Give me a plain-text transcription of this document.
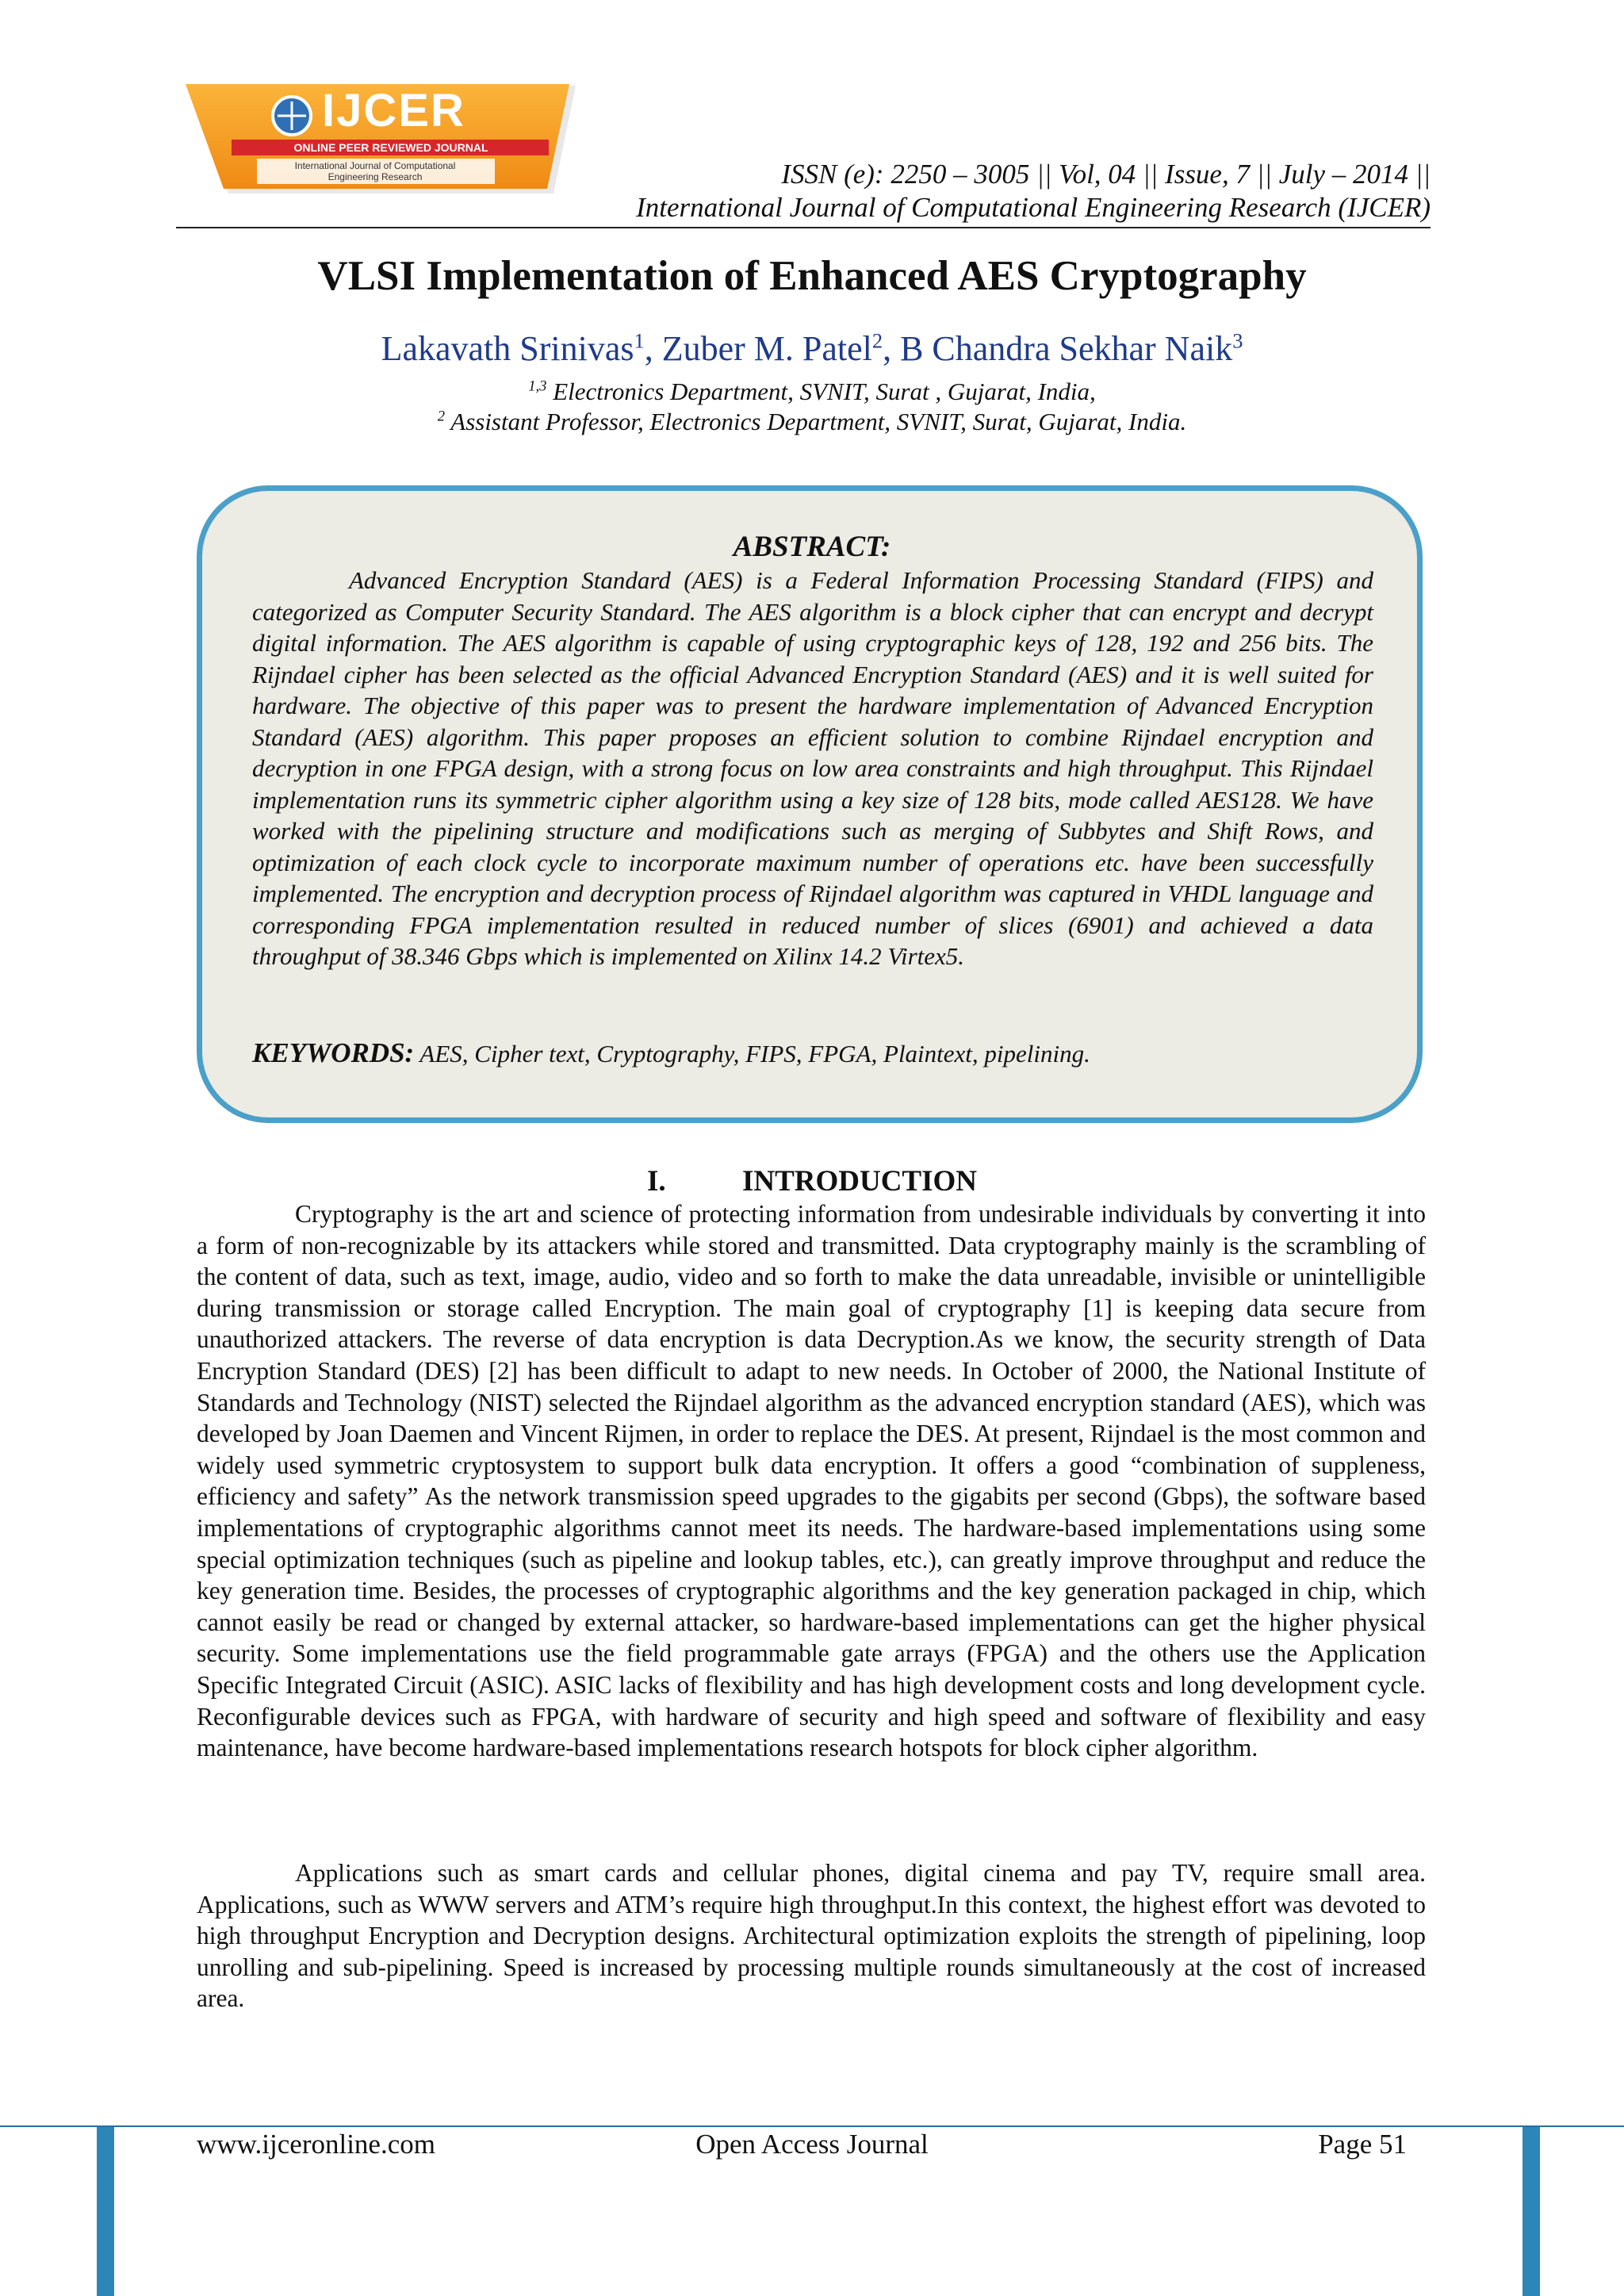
IJCER
ONLINE PEER REVIEWED JOURNAL
International Journal of Computational
Engineering Research	ISSN (e): 2250 – 3005 || Vol, 04 || Issue, 7 || July – 2014 ||
International Journal of Computational Engineering Research (IJCER)
VLSI Implementation of Enhanced AES Cryptography
Lakavath Srinivas$^1$, Zuber M. Patel$^2$, B Chandra Sekhar Naik$^3$
$^{1,3}$ Electronics Department, SVNIT, Surat , Gujarat, India,
$^2$ Assistant Professor, Electronics Department, SVNIT, Surat, Gujarat, India.
ABSTRACT:
Advanced Encryption Standard (AES) is a Federal Information Processing Standard (FIPS) and categorized as Computer Security Standard. The AES algorithm is a block cipher that can encrypt and decrypt digital information. The AES algorithm is capable of using cryptographic keys of 128, 192 and 256 bits. The Rijndael cipher has been selected as the official Advanced Encryption Standard (AES) and it is well suited for hardware. The objective of this paper was to present the hardware implementation of Advanced Encryption Standard (AES) algorithm. This paper proposes an efficient solution to combine Rijndael encryption and decryption in one FPGA design, with a strong focus on low area constraints and high throughput. This Rijndael implementation runs its symmetric cipher algorithm using a key size of 128 bits, mode called AES128. We have worked with the pipelining structure and modifications such as merging of Subbytes and Shift Rows, and optimization of each clock cycle to incorporate maximum number of operations etc. have been successfully implemented. The encryption and decryption process of Rijndael algorithm was captured in VHDL language and corresponding FPGA implementation resulted in reduced number of slices (6901) and achieved a data throughput of 38.346 Gbps which is implemented on Xilinx 14.2 Virtex5.
KEYWORDS: AES, Cipher text, Cryptography, FIPS, FPGA, Plaintext, pipelining.
I.	INTRODUCTION
Cryptography is the art and science of protecting information from undesirable individuals by converting it into a form of non-recognizable by its attackers while stored and transmitted. Data cryptography mainly is the scrambling of the content of data, such as text, image, audio, video and so forth to make the data unreadable, invisible or unintelligible during transmission or storage called Encryption. The main goal of cryptography [1] is keeping data secure from unauthorized attackers. The reverse of data encryption is data Decryption.As we know, the security strength of Data Encryption Standard (DES) [2] has been difficult to adapt to new needs. In October of 2000, the National Institute of Standards and Technology (NIST) selected the Rijndael algorithm as the advanced encryption standard (AES), which was developed by Joan Daemen and Vincent Rijmen, in order to replace the DES. At present, Rijndael is the most common and widely used symmetric cryptosystem to support bulk data encryption. It offers a good “combination of suppleness, efficiency and safety” As the network transmission speed upgrades to the gigabits per second (Gbps), the software based implementations of cryptographic algorithms cannot meet its needs. The hardware-based implementations using some special optimization techniques (such as pipeline and lookup tables, etc.), can greatly improve throughput and reduce the key generation time. Besides, the processes of cryptographic algorithms and the key generation packaged in chip, which cannot easily be read or changed by external attacker, so hardware-based implementations can get the higher physical security. Some implementations use the field programmable gate arrays (FPGA) and the others use the Application Specific Integrated Circuit (ASIC). ASIC lacks of flexibility and has high development costs and long development cycle. Reconfigurable devices such as FPGA, with hardware of security and high speed and software of flexibility and easy maintenance, have become hardware-based implementations research hotspots for block cipher algorithm.
Applications such as smart cards and cellular phones, digital cinema and pay TV, require small area. Applications, such as WWW servers and ATM’s require high throughput.In this context, the highest effort was devoted to high throughput Encryption and Decryption designs. Architectural optimization exploits the strength of pipelining, loop unrolling and sub-pipelining. Speed is increased by processing multiple rounds simultaneously at the cost of increased area.
www.ijceronline.com	Open Access Journal	Page 51
